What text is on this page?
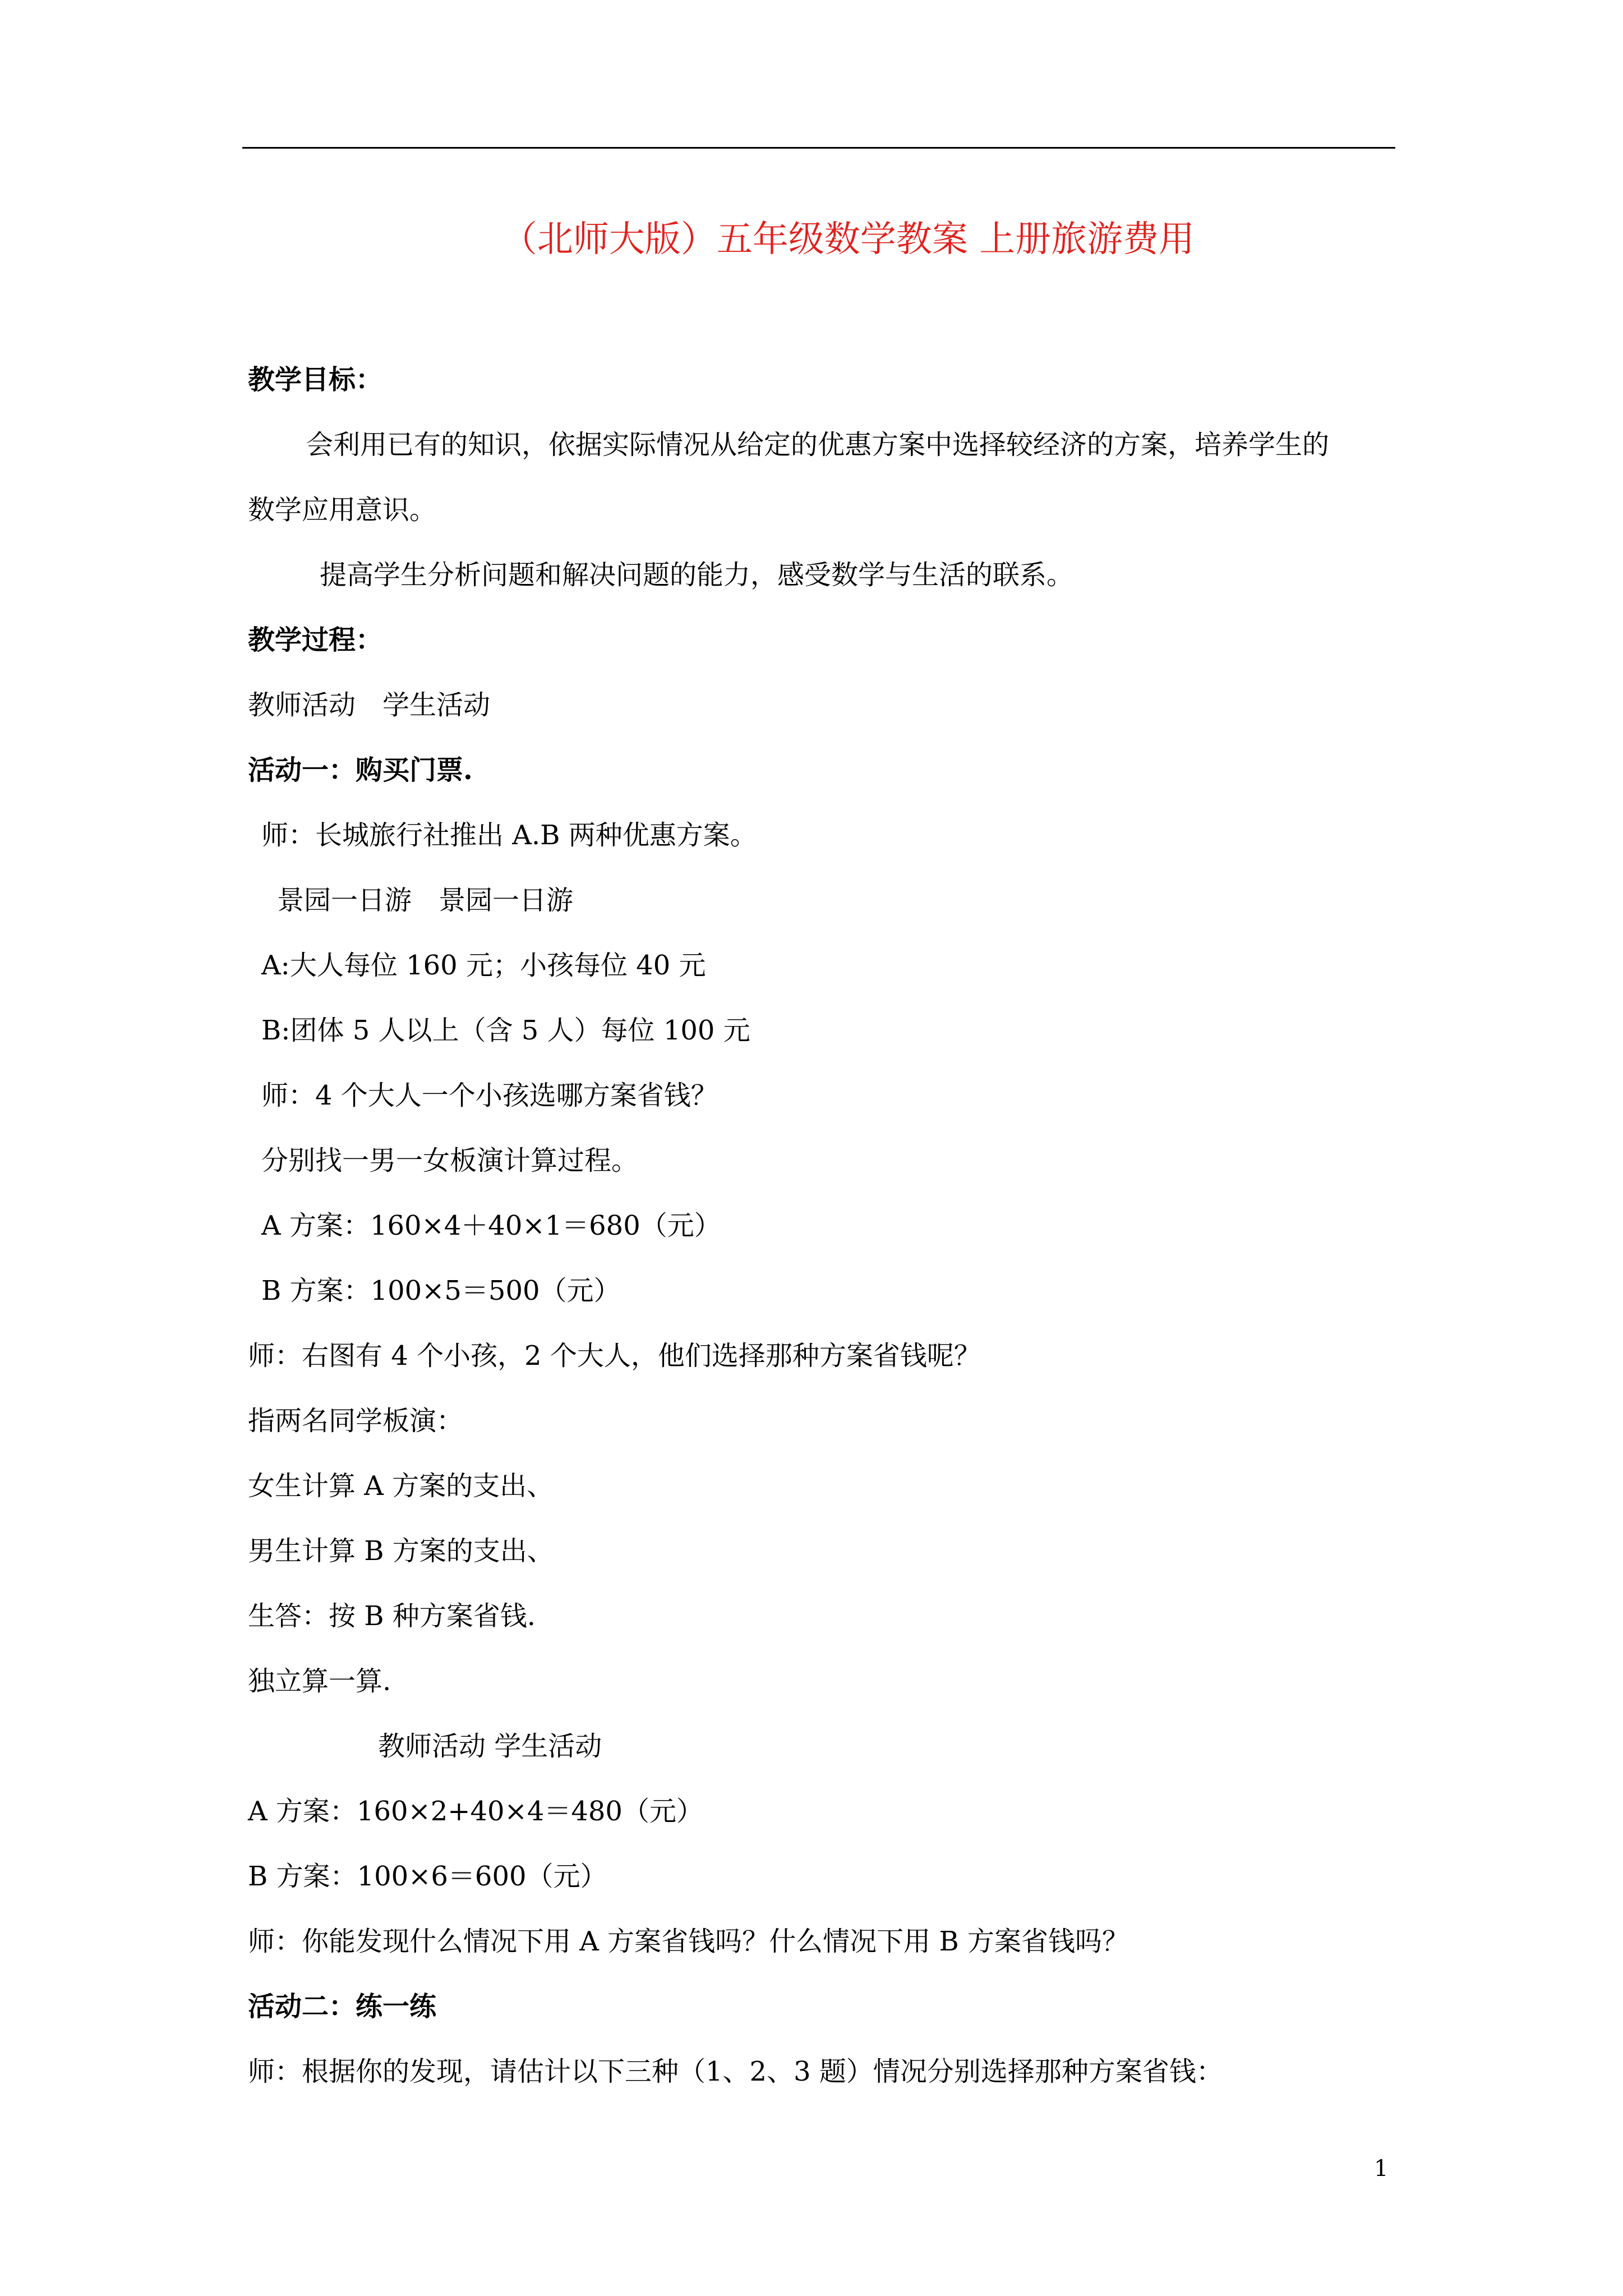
（北师大版）五年级数学教案 上册旅游费用
教学目标：
会利用已有的知识，依据实际情况从给定的优惠方案中选择较经济的方案，培养学生的
数学应用意识。
提高学生分析问题和解决问题的能力，感受数学与生活的联系。
教学过程：
教师活动　学生活动
活动一：购买门票.
师：长城旅行社推出 A.B 两种优惠方案。
景园一日游　景园一日游
A:大人每位 160 元；小孩每位 40 元
B:团体 5 人以上（含 5 人）每位 100 元
师：4 个大人一个小孩选哪方案省钱？
分别找一男一女板演计算过程。
A 方案：160×4＋40×1＝680（元）
B 方案：100×5＝500（元）
师：右图有 4 个小孩，2 个大人，他们选择那种方案省钱呢？
指两名同学板演：
女生计算 A 方案的支出、
男生计算 B 方案的支出、
生答：按 B 种方案省钱.
独立算一算.
教师活动 学生活动
A 方案：160×2+40×4＝480（元）
B 方案：100×6＝600（元）
师：你能发现什么情况下用 A 方案省钱吗？什么情况下用 B 方案省钱吗？
活动二：练一练
师：根据你的发现，请估计以下三种（1、2、3 题）情况分别选择那种方案省钱：
1
